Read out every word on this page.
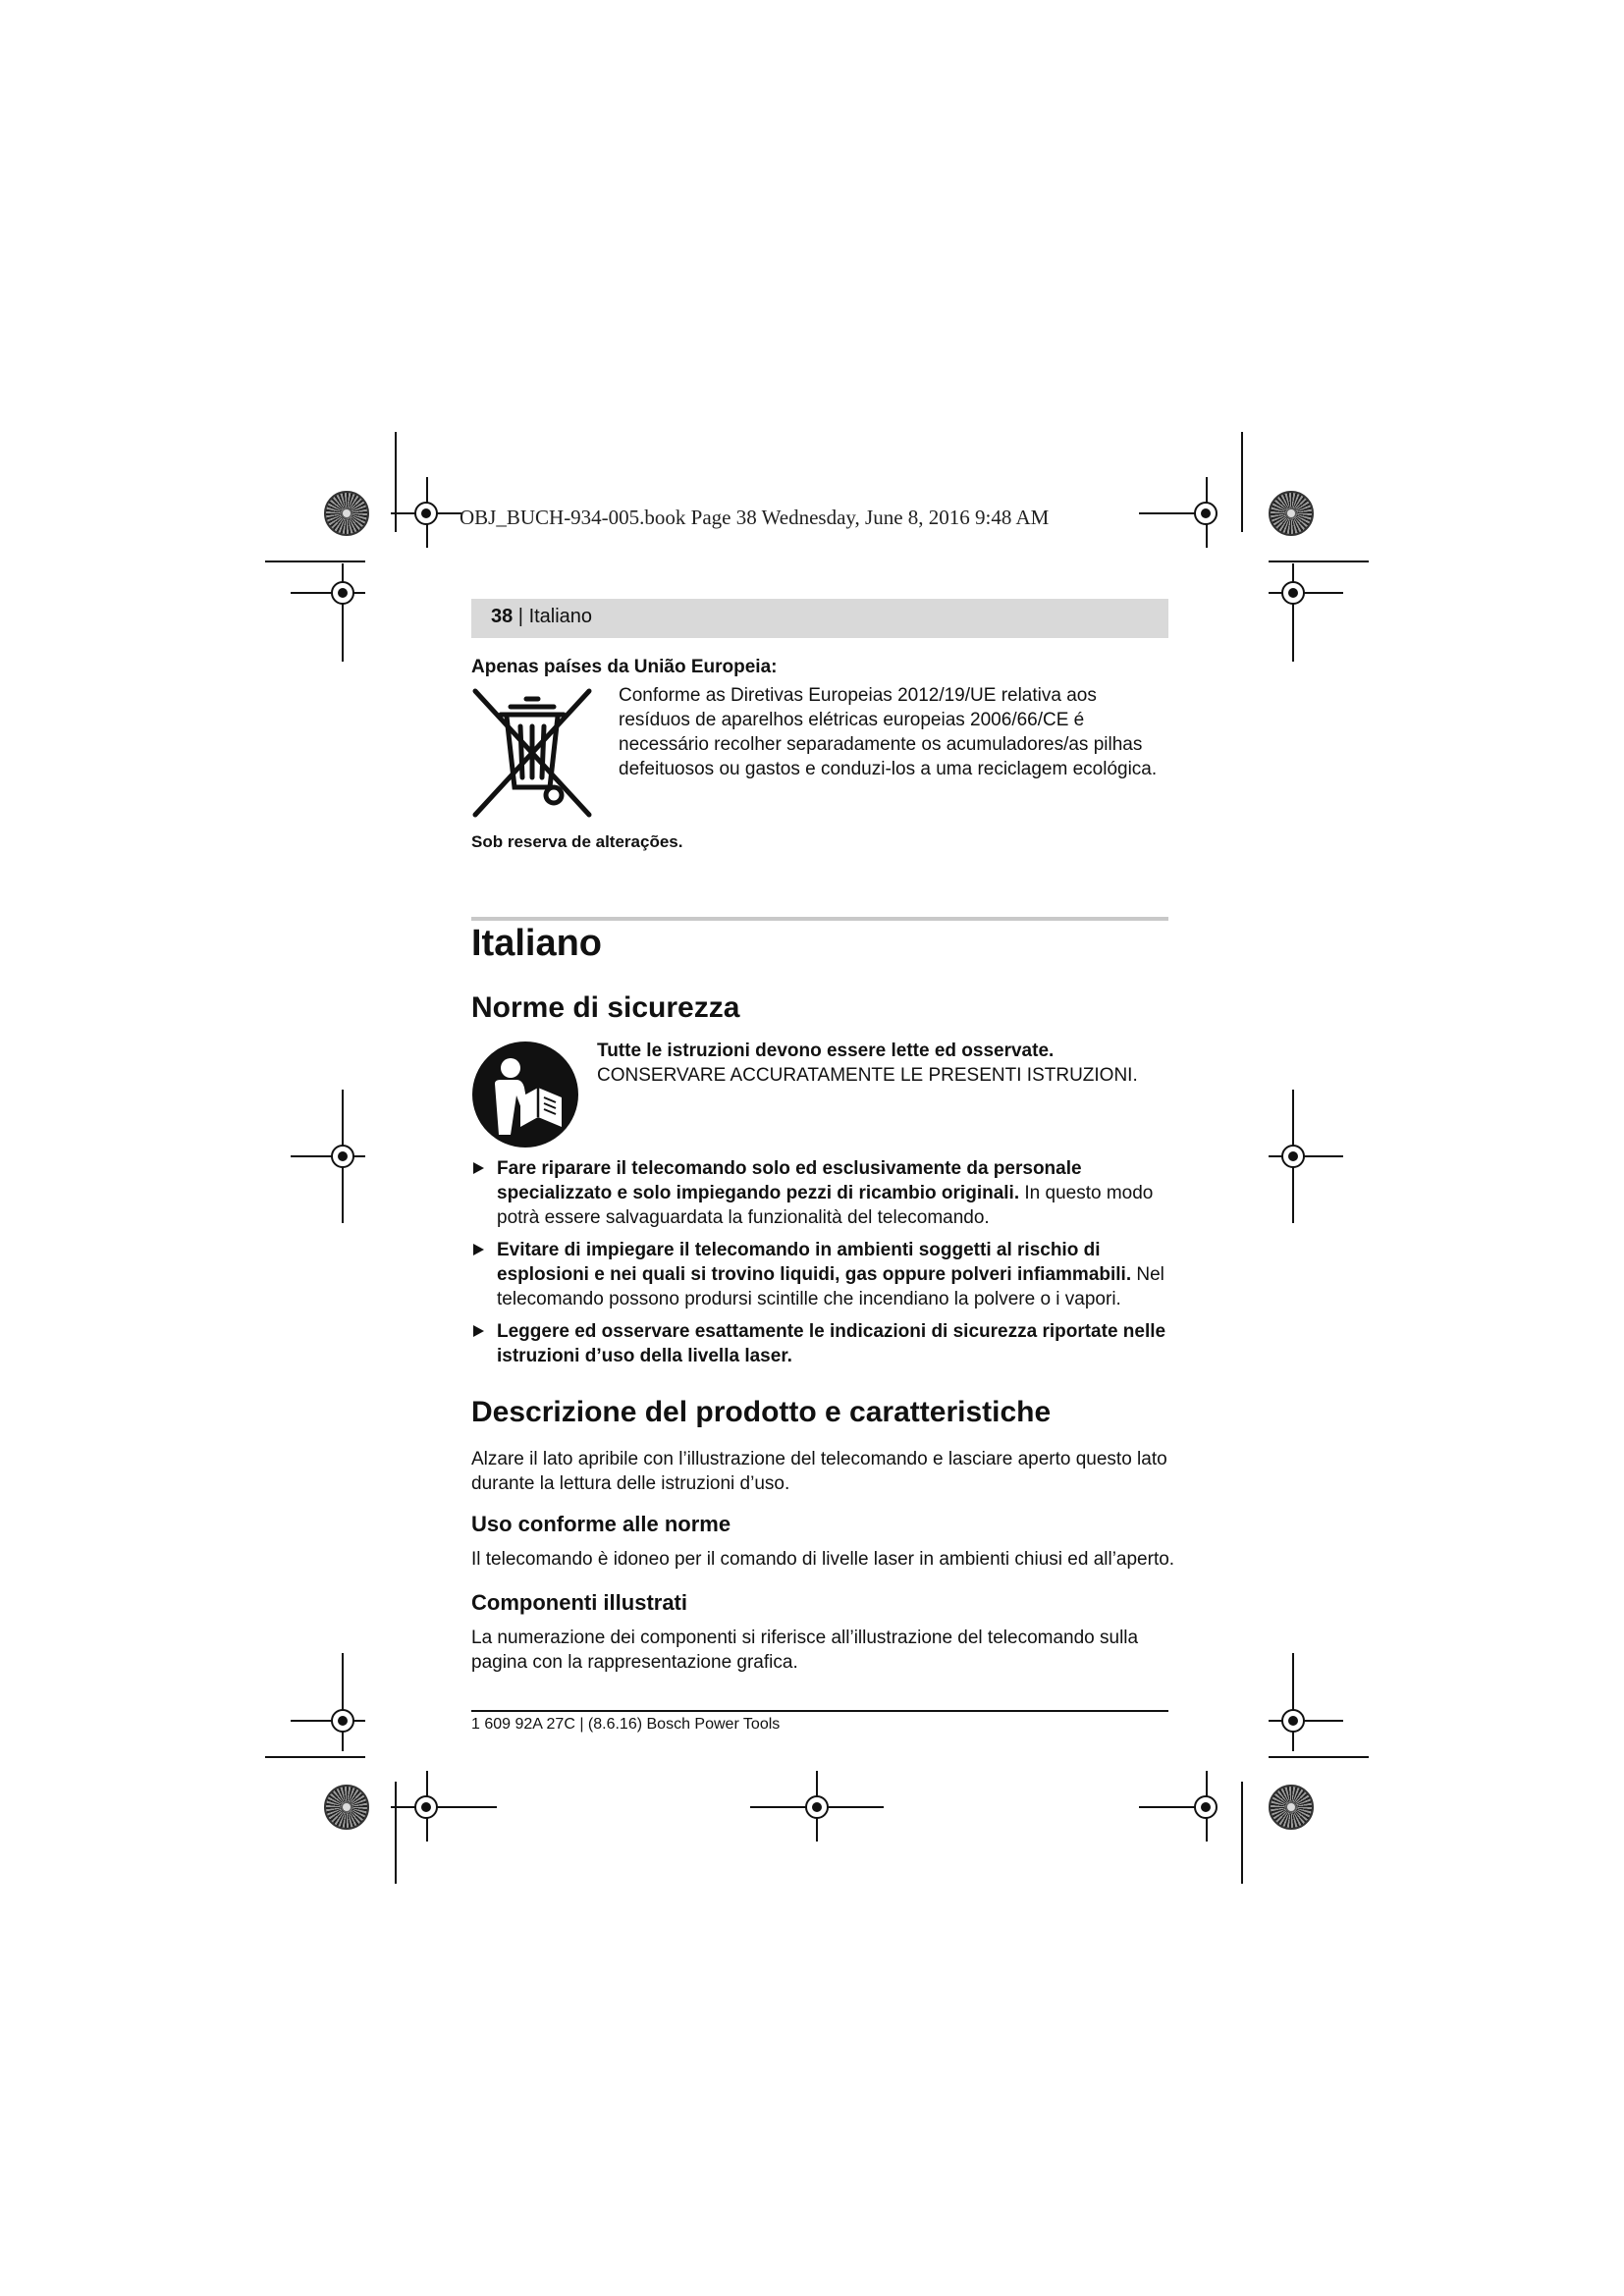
OBJ_BUCH-934-005.book Page 38 Wednesday, June 8, 2016 9:48 AM
38 | Italiano
Apenas países da União Europeia:
Conforme as Diretivas Europeias 2012/19/UE relativa aos resíduos de aparelhos elétricas europeias 2006/66/CE é necessário recolher separadamente os acumuladores/as pilhas defeituosos ou gastos e conduzi-los a uma reciclagem ecológica.
Sob reserva de alterações.
Italiano
Norme di sicurezza
Tutte le istruzioni devono essere lette ed osservate. CONSERVARE ACCURATAMENTE LE PRESENTI ISTRUZIONI.
Fare riparare il telecomando solo ed esclusivamente da personale specializzato e solo impiegando pezzi di ricambio originali. In questo modo potrà essere salvaguardata la funzionalità del telecomando.
Evitare di impiegare il telecomando in ambienti soggetti al rischio di esplosioni e nei quali si trovino liquidi, gas oppure polveri infiammabili. Nel telecomando possono prodursi scintille che incendiano la polvere o i vapori.
Leggere ed osservare esattamente le indicazioni di sicurezza riportate nelle istruzioni d’uso della livella laser.
Descrizione del prodotto e caratteristiche
Alzare il lato apribile con l’illustrazione del telecomando e lasciare aperto questo lato durante la lettura delle istruzioni d’uso.
Uso conforme alle norme
Il telecomando è idoneo per il comando di livelle laser in ambienti chiusi ed all’aperto.
Componenti illustrati
La numerazione dei componenti si riferisce all’illustrazione del telecomando sulla pagina con la rappresentazione grafica.
1 609 92A 27C | (8.6.16) Bosch Power Tools
